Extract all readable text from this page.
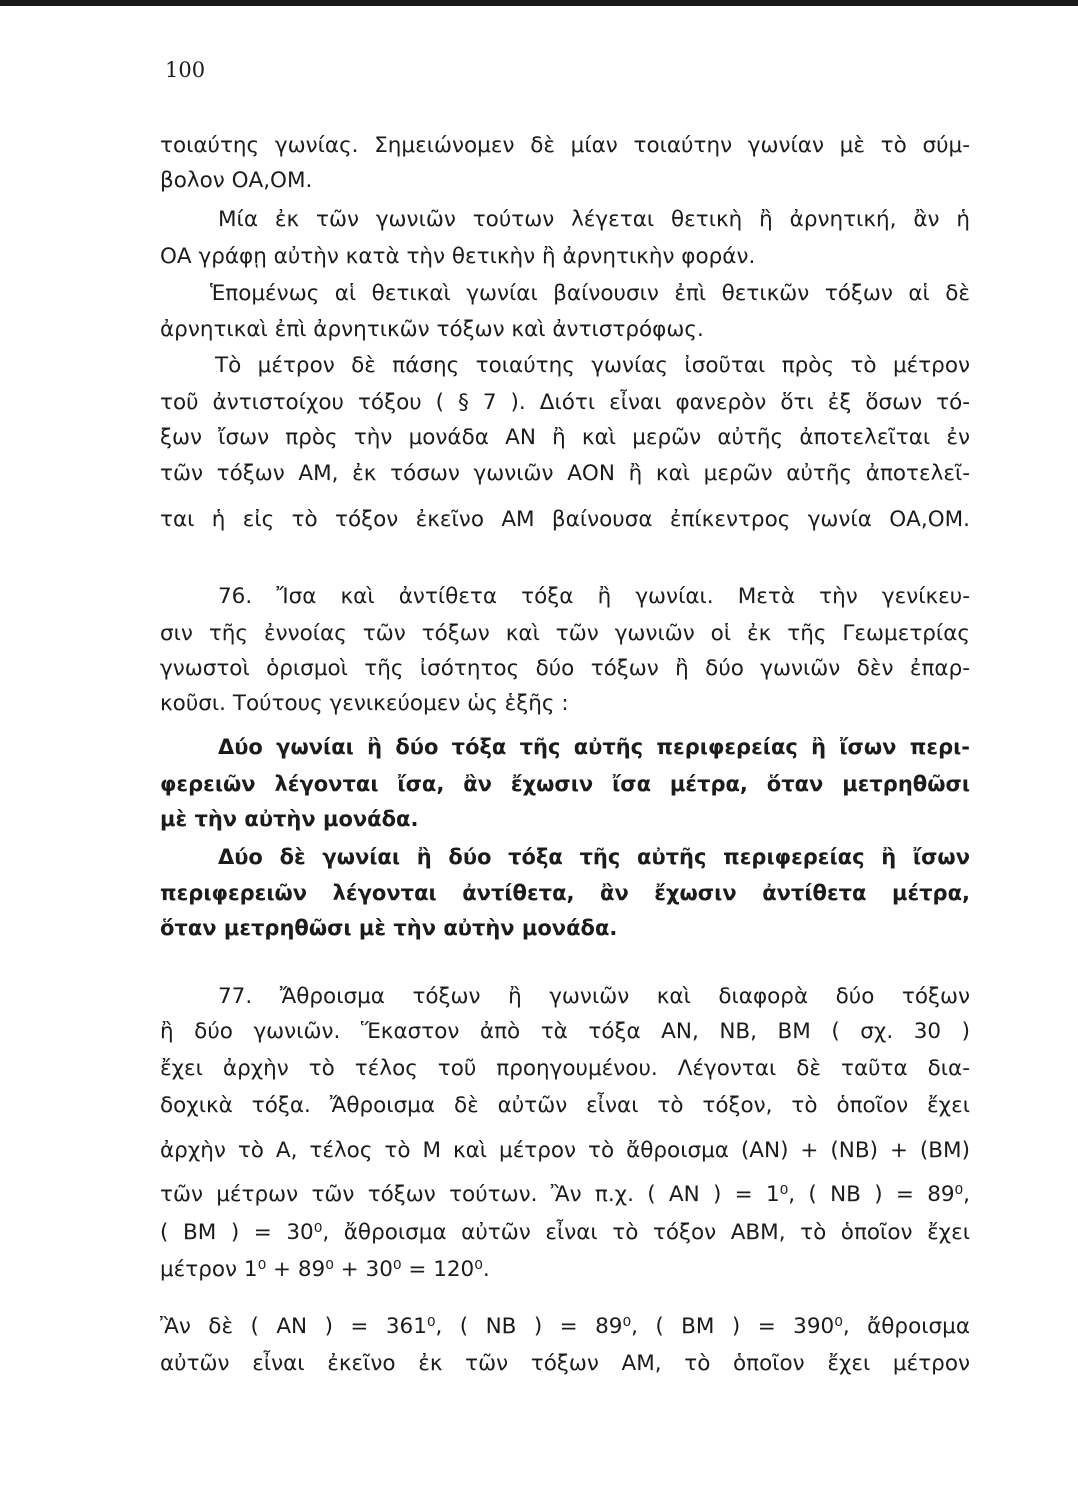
100
τοιαύτης γωνίας. Σημειώνομεν δὲ μίαν τοιαύτην γωνίαν μὲ τὸ σύμ-
βολον ΟΑ,ΟΜ.
Μία ἐκ τῶν γωνιῶν τούτων λέγεται θετικὴ ἢ ἀρνητική, ἂν ἡ
ΟΑ γράφῃ αὐτὴν κατὰ τὴν θετικὴν ἢ ἀρνητικὴν φοράν.
Ἑπομένως αἱ θετικαὶ γωνίαι βαίνουσιν ἐπὶ θετικῶν τόξων αἱ δὲ
ἀρνητικαὶ ἐπὶ ἀρνητικῶν τόξων καὶ ἀντιστρόφως.
Τὸ μέτρον δὲ πάσης τοιαύτης γωνίας ἰσοῦται πρὸς τὸ μέτρον
τοῦ ἀντιστοίχου τόξου ( § 7 ). Διότι εἶναι φανερὸν ὅτι ἐξ ὅσων τό-
ξων ἴσων πρὸς τὴν μονάδα ΑΝ ἢ καὶ μερῶν αὐτῆς ἀποτελεῖται ἐν
τῶν τόξων ΑΜ, ἐκ τόσων γωνιῶν ΑΟΝ ἢ καὶ μερῶν αὐτῆς ἀποτελεῖ-
ται ἡ εἰς τὸ τόξον ἐκεῖνο ΑΜ βαίνουσα ἐπίκεντρος γωνία ΟΑ,ΟΜ.
76. Ἴσα καὶ ἀντίθετα τόξα ἢ γωνίαι. Μετὰ τὴν γενίκευ-
σιν τῆς ἐννοίας τῶν τόξων καὶ τῶν γωνιῶν οἱ ἐκ τῆς Γεωμετρίας
γνωστοὶ ὁρισμοὶ τῆς ἰσότητος δύο τόξων ἢ δύο γωνιῶν δὲν ἐπαρ-
κοῦσι. Τούτους γενικεύομεν ὡς ἑξῆς :
Δύο γωνίαι ἢ δύο τόξα τῆς αὐτῆς περιφερείας ἢ ἴσων περι-
φερειῶν λέγονται ἴσα, ἂν ἔχωσιν ἴσα μέτρα, ὅταν μετρηθῶσι
μὲ τὴν αὐτὴν μονάδα.
Δύο δὲ γωνίαι ἢ δύο τόξα τῆς αὐτῆς περιφερείας ἢ ἴσων
περιφερειῶν λέγονται ἀντίθετα, ἂν ἔχωσιν ἀντίθετα μέτρα,
ὅταν μετρηθῶσι μὲ τὴν αὐτὴν μονάδα.
77. Ἄθροισμα τόξων ἢ γωνιῶν καὶ διαφορὰ δύο τόξων
ἢ δύο γωνιῶν. Ἕκαστον ἀπὸ τὰ τόξα ΑΝ, ΝΒ, ΒΜ ( σχ. 30 )
ἔχει ἀρχὴν τὸ τέλος τοῦ προηγουμένου. Λέγονται δὲ ταῦτα δια-
δοχικὰ τόξα. Ἄθροισμα δὲ αὐτῶν εἶναι τὸ τόξον, τὸ ὁποῖον ἔχει
ἀρχὴν τὸ Α, τέλος τὸ Μ καὶ μέτρον τὸ ἄθροισμα (ΑΝ) + (ΝΒ) + (ΒΜ)
τῶν μέτρων τῶν τόξων τούτων. Ἂν π.χ. ( ΑΝ ) = 1⁰, ( ΝΒ ) = 89⁰,
( ΒΜ ) = 30⁰, ἄθροισμα αὐτῶν εἶναι τὸ τόξον ΑΒΜ, τὸ ὁποῖον ἔχει
μέτρον 1⁰ + 89⁰ + 30⁰ = 120⁰.
Ἂν δὲ ( ΑΝ ) = 361⁰, ( ΝΒ ) = 89⁰, ( ΒΜ ) = 390⁰, ἄθροισμα
αὐτῶν εἶναι ἐκεῖνο ἐκ τῶν τόξων ΑΜ, τὸ ὁποῖον ἔχει μέτρον
